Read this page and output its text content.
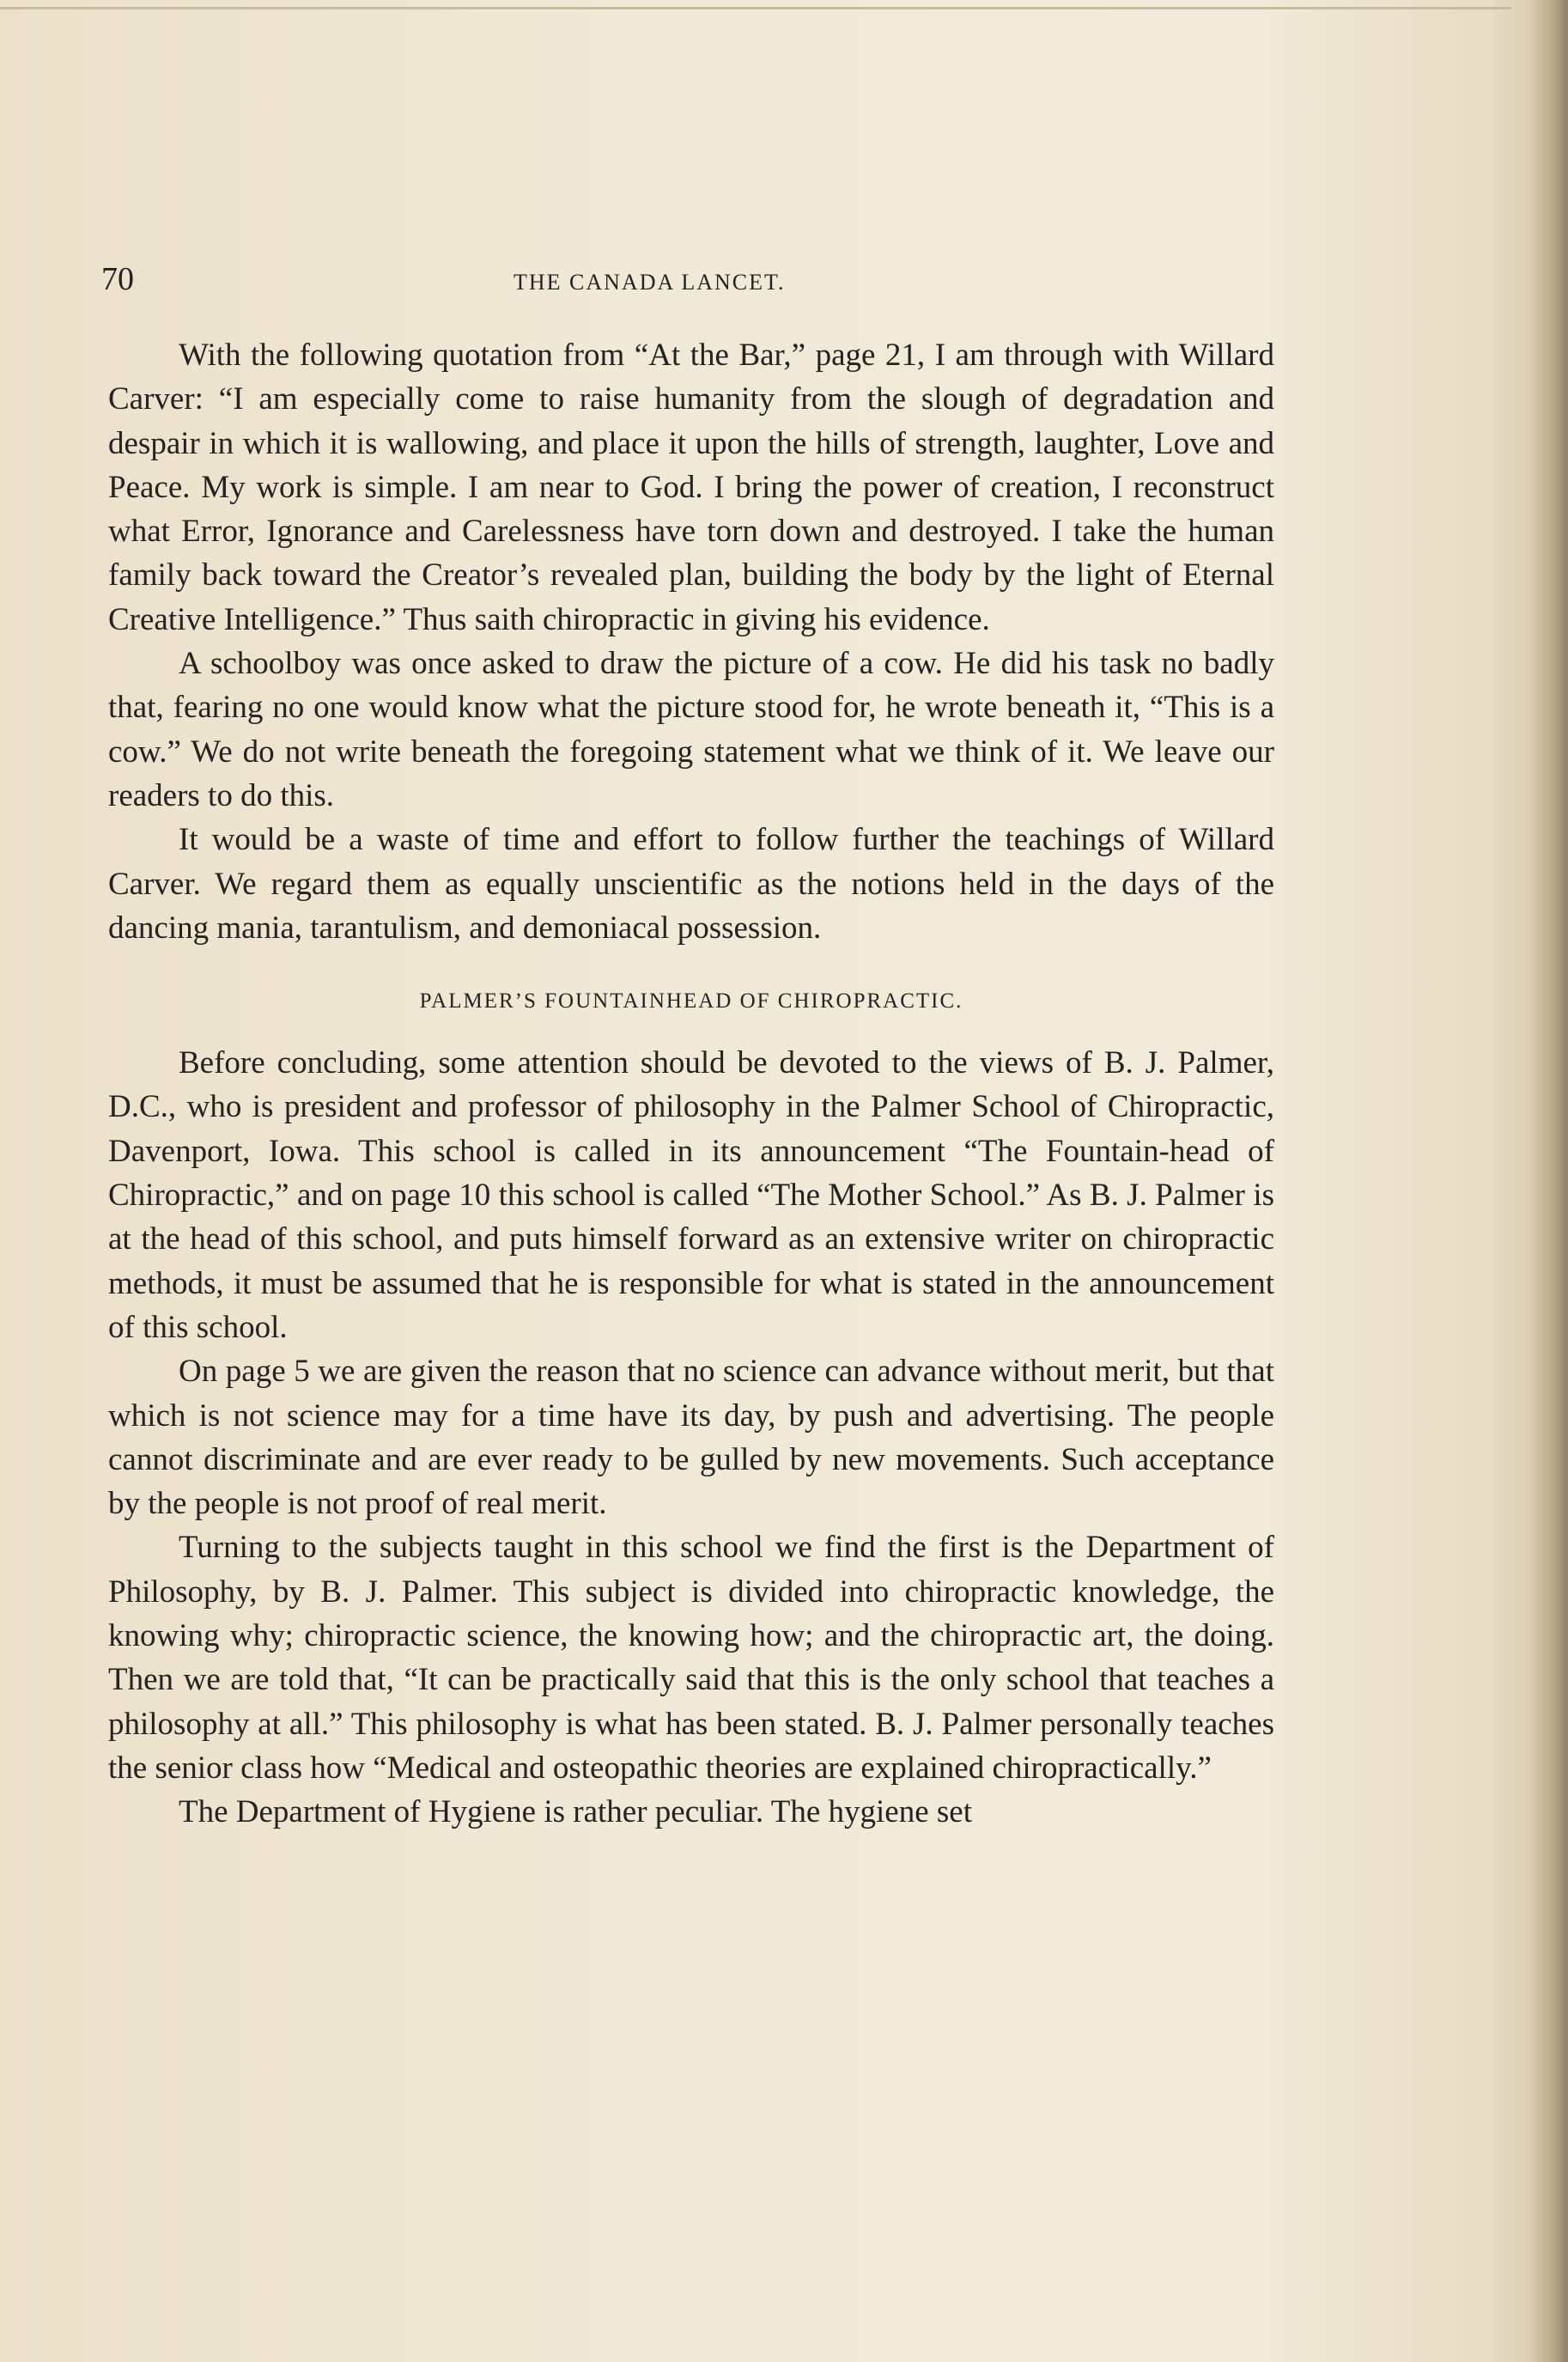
70	THE CANADA LANCET.

With the following quotation from “At the Bar,” page 21, I am through with Willard Carver: “I am especially come to raise humanity from the slough of degradation and despair in which it is wallowing, and place it upon the hills of strength, laughter, Love and Peace. My work is simple. I am near to God. I bring the power of creation, I reconstruct what Error, Ignorance and Carelessness have torn down and destroyed. I take the human family back toward the Creator’s revealed plan, building the body by the light of Eternal Creative Intelligence.” Thus saith chiropractic in giving his evidence.

A schoolboy was once asked to draw the picture of a cow. He did his task no badly that, fearing no one would know what the picture stood for, he wrote beneath it, “This is a cow.” We do not write beneath the foregoing statement what we think of it. We leave our readers to do this.

It would be a waste of time and effort to follow further the teachings of Willard Carver. We regard them as equally unscientific as the notions held in the days of the dancing mania, tarantulism, and demoniacal possession.

PALMER’S FOUNTAINHEAD OF CHIROPRACTIC.

Before concluding, some attention should be devoted to the views of B. J. Palmer, D.C., who is president and professor of philosophy in the Palmer School of Chiropractic, Davenport, Iowa. This school is called in its announcement “The Fountain-head of Chiropractic,” and on page 10 this school is called “The Mother School.” As B. J. Palmer is at the head of this school, and puts himself forward as an extensive writer on chiropractic methods, it must be assumed that he is responsible for what is stated in the announcement of this school.

On page 5 we are given the reason that no science can advance without merit, but that which is not science may for a time have its day, by push and advertising. The people cannot discriminate and are ever ready to be gulled by new movements. Such acceptance by the people is not proof of real merit.

Turning to the subjects taught in this school we find the first is the Department of Philosophy, by B. J. Palmer. This subject is divided into chiropractic knowledge, the knowing why; chiropractic science, the knowing how; and the chiropractic art, the doing. Then we are told that, “It can be practically said that this is the only school that teaches a philosophy at all.” This philosophy is what has been stated. B. J. Palmer personally teaches the senior class how “Medical and osteopathic theories are explained chiropractically.”

The Department of Hygiene is rather peculiar. The hygiene set
